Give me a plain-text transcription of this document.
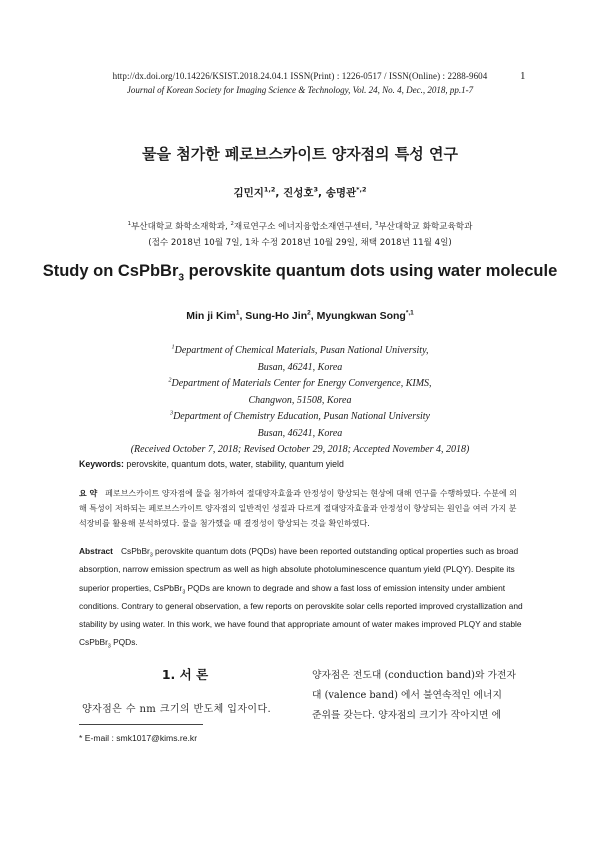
http://dx.doi.org/10.14226/KSIST.2018.24.04.1 ISSN(Print) : 1226-0517 / ISSN(Online) : 2288-9604	1
Journal of Korean Society for Imaging Science & Technology, Vol. 24, No. 4, Dec., 2018, pp.1-7
물을 첨가한 페로브스카이트 양자점의 특성 연구
김민지$^{1,2}$, 진성호$^3$, 송명관$^{*,2}$
$^1$부산대학교 화학소재학과, $^2$재료연구소 에너지융합소재연구센터, $^3$부산대학교 화학교육학과
(접수 2018년 10월 7일, 1차 수정 2018년 10월 29일, 채택 2018년 11월 4일)
Study on CsPbBr$_3$ perovskite quantum dots using water molecule
Min ji Kim$^1$, Sung-Ho Jin$^2$, Myungkwan Song$^{*,1}$
$^1$Department of Chemical Materials, Pusan National University,
Busan, 46241, Korea
$^2$Department of Materials Center for Energy Convergence, KIMS,
Changwon, 51508, Korea
$^3$Department of Chemistry Education, Pusan National University
Busan, 46241, Korea
(Received October 7, 2018; Revised October 29, 2018; Accepted November 4, 2018)
Keywords: perovskite, quantum dots, water, stability, quantum yield
요 약 페로브스카이트 양자점에 물을 첨가하여 절대양자효율과 안정성이 향상되는 현상에 대해 연구를 수행하였다. 수분에 의해 특성이 저하되는 페로브스카이트 양자점의 일반적인 성질과 다르게 절대양자효율과 안정성이 향상되는 원인을 여러 가지 분석장비를 활용해 분석하였다. 물을 첨가했을 때 결정성이 향상되는 것을 확인하였다.
Abstract CsPbBr$_3$ perovskite quantum dots (PQDs) have been reported outstanding optical properties such as broad absorption, narrow emission spectrum as well as high absolute photoluminescence quantum yield (PLQY). Despite its superior properties, CsPbBr$_3$ PQDs are known to degrade and show a fast loss of emission intensity under ambient conditions. Contrary to general observation, a few reports on perovskite solar cells reported improved crystallization and stability by using water. In this work, we have found that appropriate amount of water makes improved PLQY and stable CsPbBr$_3$ PQDs.
1. 서 론
양자점은 수 nm 크기의 반도체 입자이다.
양자점은 전도대 (conduction band)와 가전자
대 (valence band) 에서 불연속적인 에너지
준위를 갖는다. 양자점의 크기가 작아지면 에
* E-mail : smk1017@kims.re.kr
